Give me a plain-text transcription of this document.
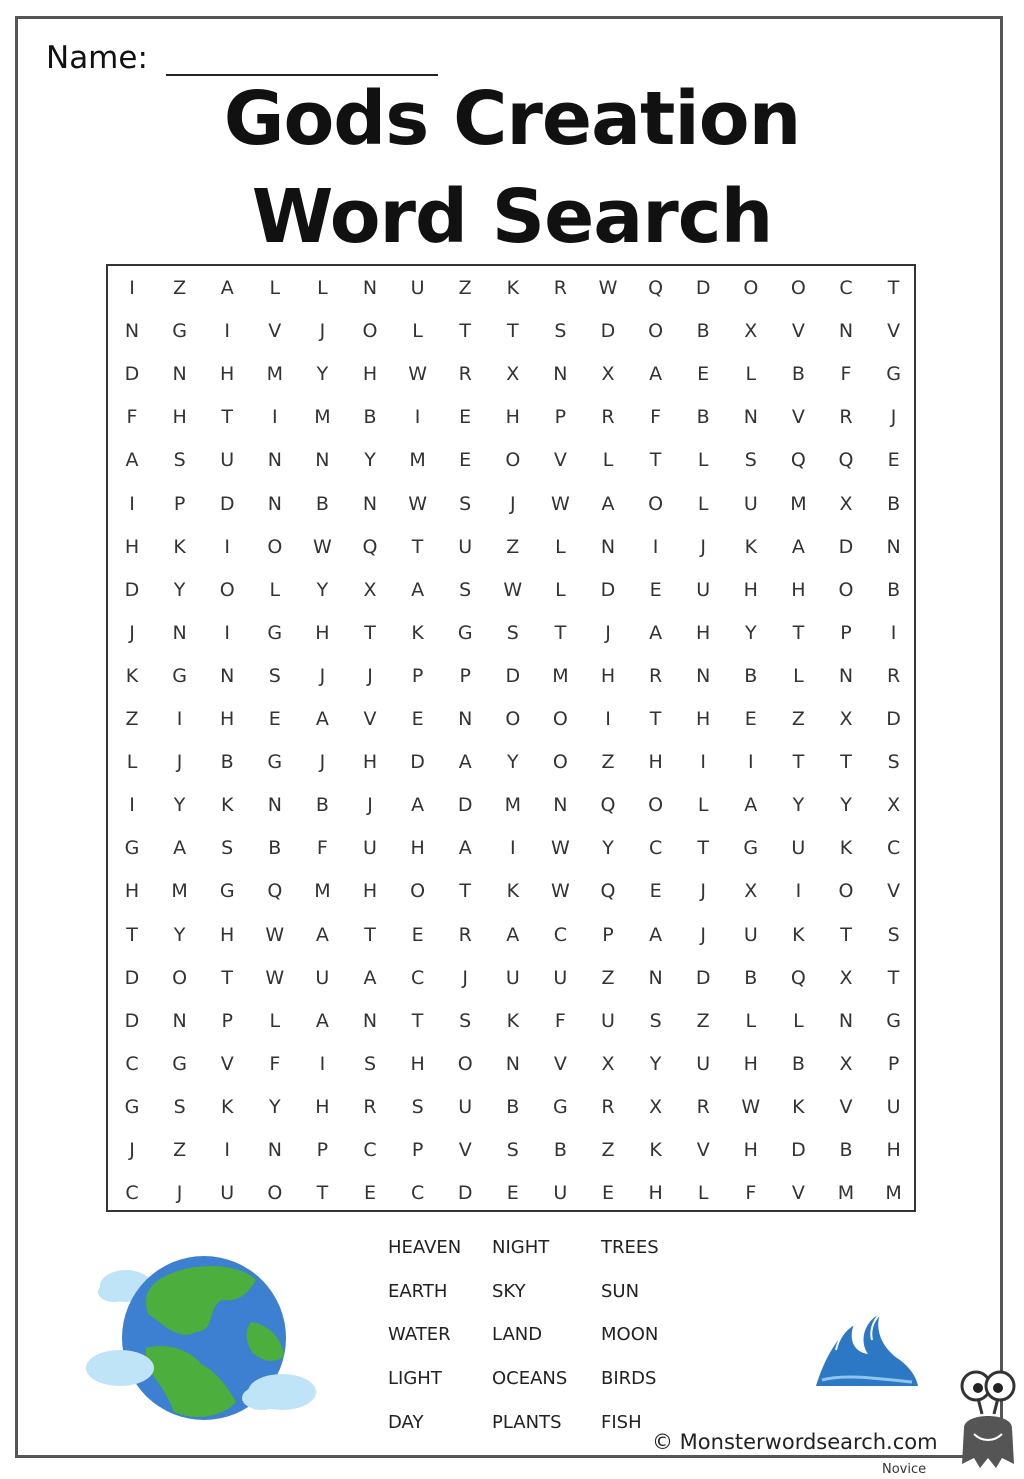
Name:
Gods Creation
Word Search
I	Z	A	L	L	N	U	Z	K	R	W	Q	D	O	O	C	T
N	G	I	V	J	O	L	T	T	S	D	O	B	X	V	N	V
D	N	H	M	Y	H	W	R	X	N	X	A	E	L	B	F	G
F	H	T	I	M	B	I	E	H	P	R	F	B	N	V	R	J
A	S	U	N	N	Y	M	E	O	V	L	T	L	S	Q	Q	E
I	P	D	N	B	N	W	S	J	W	A	O	L	U	M	X	B
H	K	I	O	W	Q	T	U	Z	L	N	I	J	K	A	D	N
D	Y	O	L	Y	X	A	S	W	L	D	E	U	H	H	O	B
J	N	I	G	H	T	K	G	S	T	J	A	H	Y	T	P	I
K	G	N	S	J	J	P	P	D	M	H	R	N	B	L	N	R
Z	I	H	E	A	V	E	N	O	O	I	T	H	E	Z	X	D
L	J	B	G	J	H	D	A	Y	O	Z	H	I	I	T	T	S
I	Y	K	N	B	J	A	D	M	N	Q	O	L	A	Y	Y	X
G	A	S	B	F	U	H	A	I	W	Y	C	T	G	U	K	C
H	M	G	Q	M	H	O	T	K	W	Q	E	J	X	I	O	V
T	Y	H	W	A	T	E	R	A	C	P	A	J	U	K	T	S
D	O	T	W	U	A	C	J	U	U	Z	N	D	B	Q	X	T
D	N	P	L	A	N	T	S	K	F	U	S	Z	L	L	N	G
C	G	V	F	I	S	H	O	N	V	X	Y	U	H	B	X	P
G	S	K	Y	H	R	S	U	B	G	R	X	R	W	K	V	U
J	Z	I	N	P	C	P	V	S	B	Z	K	V	H	D	B	H
C	J	U	O	T	E	C	D	E	U	E	H	L	F	V	M	M
HEAVEN
EARTH
WATER
LIGHT
DAY
NIGHT
SKY
LAND
OCEANS
PLANTS
TREES
SUN
MOON
BIRDS
FISH
© Monsterwordsearch.com
Novice
